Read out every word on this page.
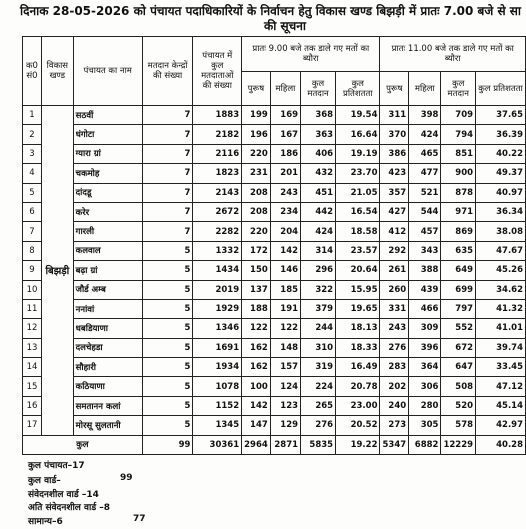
दिनाक 28-05-2026 को पंचायत पदाधिकारियों के निर्वाचन हेतु विकास खण्ड बिझड़ी में प्रातः 7.00 बजे से सा
की सूचना
क0 सं0	विकास खण्ड	पंचायत का नाम	मतदान केन्द्रों की संख्या	पंचायत में कुल मतदाताओं की संख्या	प्रातः 9.00 बजे तक डाले गए मतों का ब्यौरा				प्रातः 11.00 बजे तक डाले गए मतों का ब्यौरा			
					पुरूष	महिला	कुल मतदान	कुल प्रतिशतता	पुरूष	महिला	कुल मतदान	कुल प्रतिशतता
1	बिझड़ी	सठवीं	7	1883	199	169	368	19.54	311	398	709	37.65
2		धंगोटा	7	2182	196	167	363	16.64	370	424	794	36.39
3		ग्यारा ग्रां	7	2116	220	186	406	19.19	386	465	851	40.22
4		चकमोह	7	1823	231	201	432	23.70	423	477	900	49.37
5		दांदडू	7	2143	208	243	451	21.05	357	521	878	40.97
6		करेर	7	2672	208	234	442	16.54	427	544	971	36.34
7		गारली	7	2282	220	204	424	18.58	412	457	869	38.08
8		कलवाल	5	1332	172	142	314	23.57	292	343	635	47.67
9		बढ़ा ग्रां	5	1434	150	146	296	20.64	261	388	649	45.26
10		जौर्ड अम्ब	5	2019	137	185	322	15.95	260	439	699	34.62
11		ननांवां	5	1929	188	191	379	19.65	331	466	797	41.32
12		धबडियाणा	5	1346	122	122	244	18.13	243	309	552	41.01
13		दलचेहडा	5	1691	162	148	310	18.33	276	396	672	39.74
14		सौहारी	5	1934	162	157	319	16.49	283	364	647	33.45
15		कठियाणा	5	1078	100	124	224	20.78	202	306	508	47.12
16		समतानन कलां	5	1152	142	123	265	23.00	240	280	520	45.14
17		मोरसू सुलतानी	5	1345	147	129	276	20.52	273	305	578	42.97
कुल			99	30361	2964	2871	5835	19.22	5347	6882	12229	40.28
कुल पंचायत–17
कुल वार्ड–	99
संवेदनशील वार्ड –14
अति संवेदनशील वार्ड –8
सामान्य–6	77
